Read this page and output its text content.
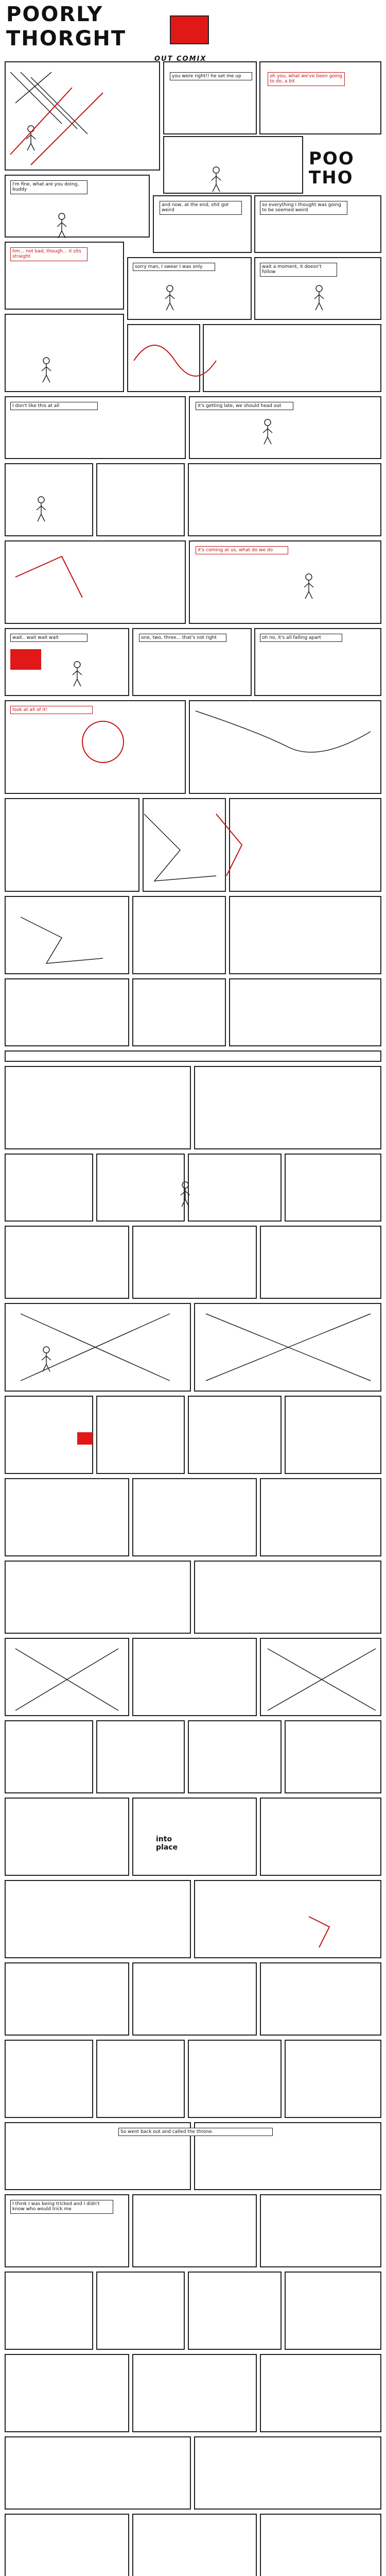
POORLY
THORGHT
OUT COMIX
POO THO
you were right!! he set me up	oh you, what we've been going to do, a bit
I'm fine, what are you doing, buddy
and now, at the end, shit got weird
so everything I thought was going to be seemed weird
hm... not bad, though... it sits straight
sorry man, I swear I was only	wait a moment, it doesn't follow
I don't like this at all	it's getting late, we should head out
it's coming at us, what do we do
wait.. wait wait wait	one, two, three... that's not right	oh no, it's all falling apart
look at all of it!
into place
So went back out and called the throne.
I think I was being tricked and I didn't know who would trick me
